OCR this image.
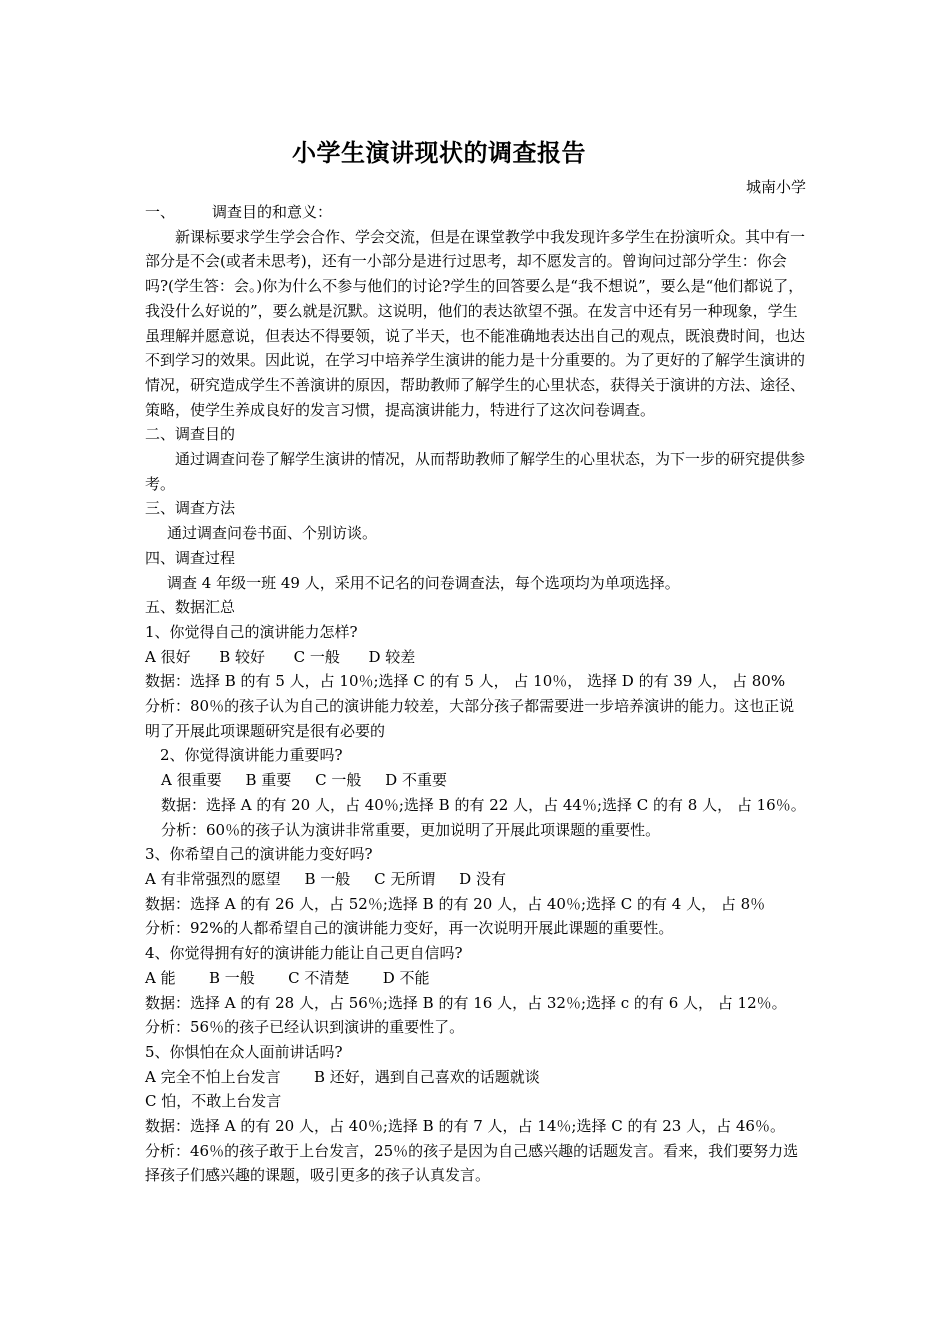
小学生演讲现状的调查报告
城南小学
一、	调查目的和意义：

新课标要求学生学会合作、学会交流，但是在课堂教学中我发现许多学生在扮演听众。其中有一部分是不会(或者未思考)，还有一小部分是进行过思考，却不愿发言的。曾询问过部分学生：你会吗?(学生答：会。)你为什么不参与他们的讨论?学生的回答要么是“我不想说”，要么是“他们都说了，我没什么好说的”，要么就是沉默。这说明，他们的表达欲望不强。在发言中还有另一种现象，学生虽理解并愿意说，但表达不得要领，说了半天，也不能准确地表达出自己的观点，既浪费时间，也达不到学习的效果。因此说，在学习中培养学生演讲的能力是十分重要的。为了更好的了解学生演讲的情况，研究造成学生不善演讲的原因，帮助教师了解学生的心里状态，获得关于演讲的方法、途径、策略，使学生养成良好的发言习惯，提高演讲能力，特进行了这次问卷调查。

二、调查目的

通过调查问卷了解学生演讲的情况，从而帮助教师了解学生的心里状态，为下一步的研究提供参考。

三、调查方法

通过调查问卷书面、个别访谈。

四、调查过程

调查 4 年级一班 49 人，采用不记名的问卷调查法，每个选项均为单项选择。

五、数据汇总

1、你觉得自己的演讲能力怎样?

A 很好      B 较好      C 一般      D 较差

数据：选择 B 的有 5 人，占 10％;选择 C 的有 5 人， 占 10％， 选择 D 的有 39 人， 占 80%

分析：80％的孩子认为自己的演讲能力较差，大部分孩子都需要进一步培养演讲的能力。这也正说明了开展此项课题研究是很有必要的

2、你觉得演讲能力重要吗?

A 很重要     B 重要     C 一般     D 不重要

数据：选择 A 的有 20 人，占 40％;选择 B 的有 22 人，占 44％;选择 C 的有 8 人， 占 16％。

分析：60％的孩子认为演讲非常重要，更加说明了开展此项课题的重要性。

3、你希望自己的演讲能力变好吗?

A 有非常强烈的愿望     B 一般     C 无所谓     D 没有

数据：选择 A 的有 26 人，占 52％;选择 B 的有 20 人，占 40％;选择 C 的有 4 人， 占 8％

分析：92%的人都希望自己的演讲能力变好，再一次说明开展此课题的重要性。

4、你觉得拥有好的演讲能力能让自己更自信吗?

A 能       B 一般       C 不清楚       D 不能

数据：选择 A 的有 28 人，占 56％;选择 B 的有 16 人，占 32％;选择 c 的有 6 人， 占 12％。

分析：56％的孩子已经认识到演讲的重要性了。

5、你惧怕在众人面前讲话吗?

A 完全不怕上台发言       B 还好，遇到自己喜欢的话题就谈

C 怕，不敢上台发言

数据：选择 A 的有 20 人，占 40％;选择 B 的有 7 人，占 14％;选择 C 的有 23 人，占 46％。

分析：46％的孩子敢于上台发言，25％的孩子是因为自己感兴趣的话题发言。看来，我们要努力选择孩子们感兴趣的课题，吸引更多的孩子认真发言。
